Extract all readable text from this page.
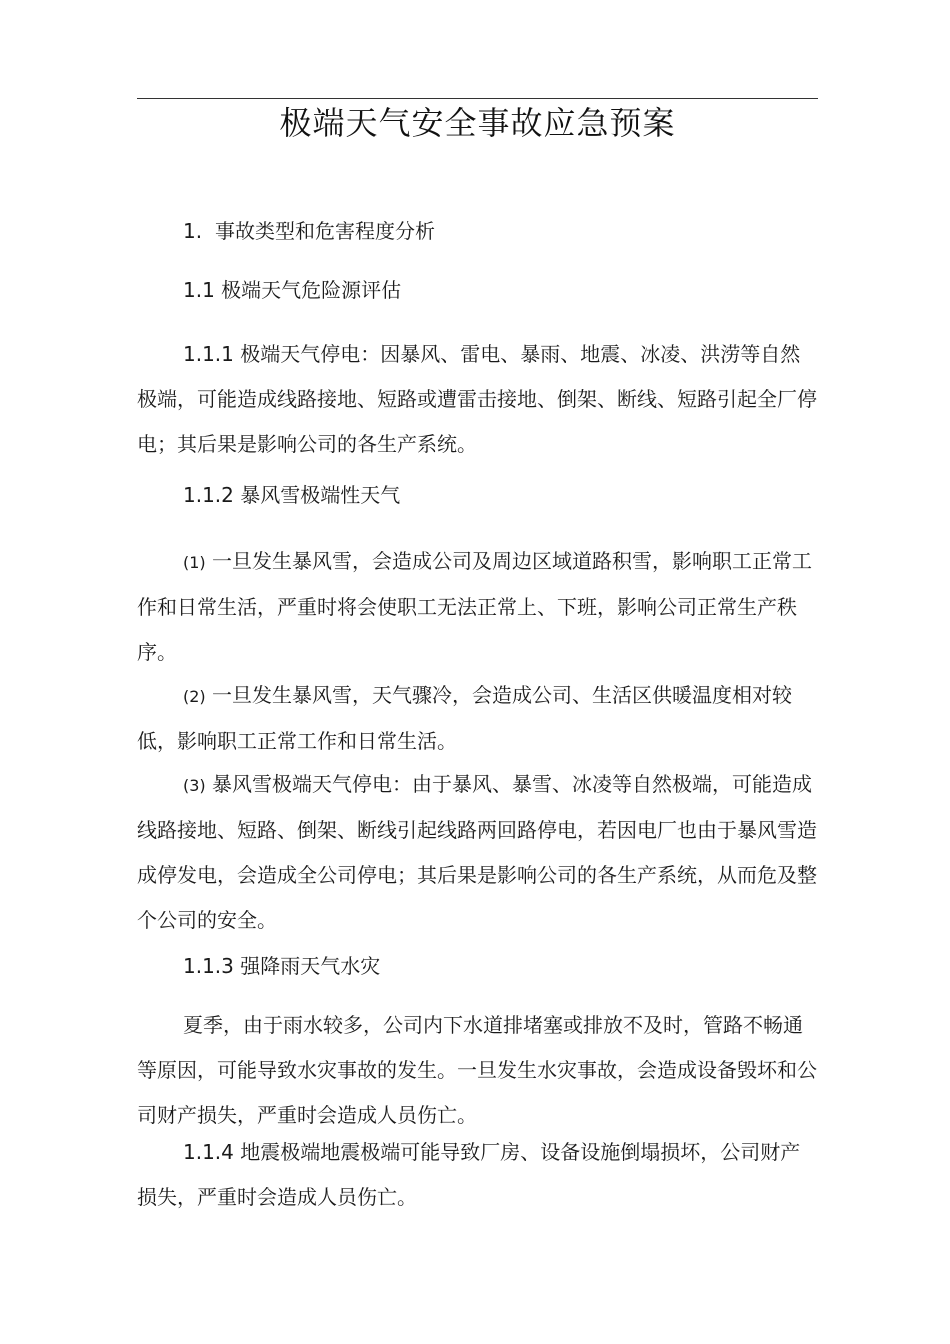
极端天气安全事故应急预案
1. 事故类型和危害程度分析
1.1 极端天气危险源评估
1.1.1 极端天气停电：因暴风、雷电、暴雨、地震、冰凌、洪涝等自然极端，可能造成线路接地、短路或遭雷击接地、倒架、断线、短路引起全厂停电；其后果是影响公司的各生产系统。
1.1.2 暴风雪极端性天气
(1) 一旦发生暴风雪，会造成公司及周边区域道路积雪，影响职工正常工作和日常生活，严重时将会使职工无法正常上、下班，影响公司正常生产秩序。
(2) 一旦发生暴风雪，天气骤冷，会造成公司、生活区供暖温度相对较低，影响职工正常工作和日常生活。
(3) 暴风雪极端天气停电：由于暴风、暴雪、冰凌等自然极端，可能造成线路接地、短路、倒架、断线引起线路两回路停电，若因电厂也由于暴风雪造成停发电，会造成全公司停电；其后果是影响公司的各生产系统，从而危及整个公司的安全。
1.1.3 强降雨天气水灾
夏季，由于雨水较多，公司内下水道排堵塞或排放不及时，管路不畅通等原因，可能导致水灾事故的发生。一旦发生水灾事故，会造成设备毁坏和公司财产损失，严重时会造成人员伤亡。
1.1.4 地震极端地震极端可能导致厂房、设备设施倒塌损坏，公司财产损失，严重时会造成人员伤亡。
